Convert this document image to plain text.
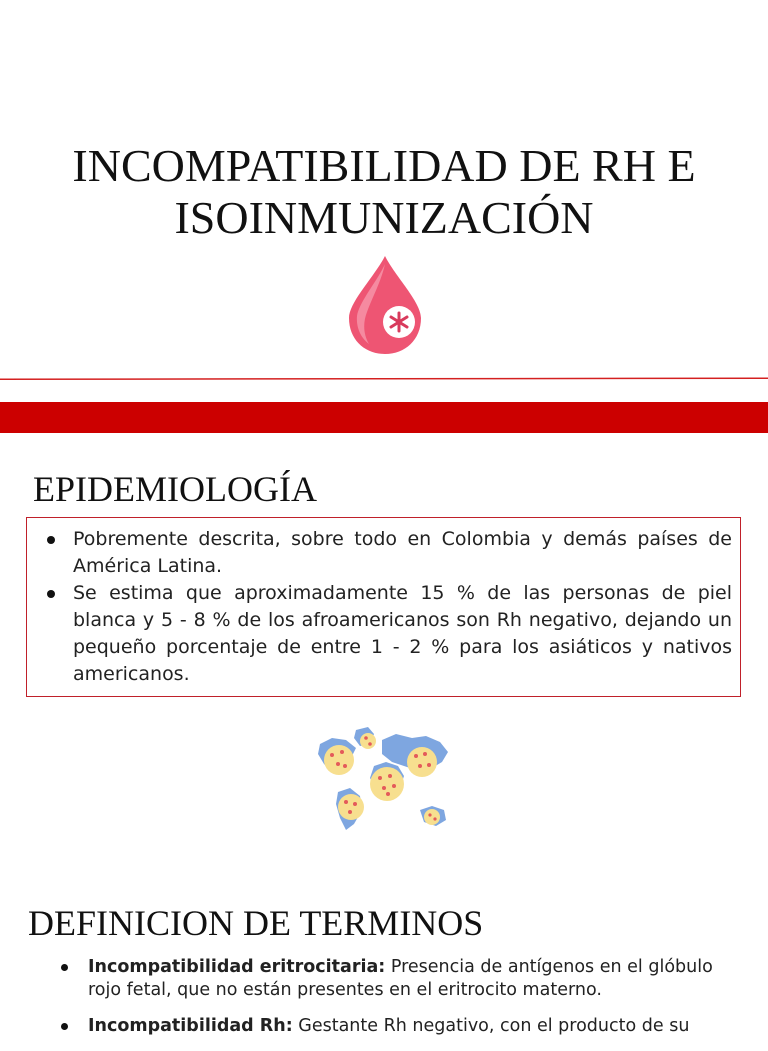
INCOMPATIBILIDAD DE RH E
ISOINMUNIZACIÓN
EPIDEMIOLOGÍA
Pobremente descrita, sobre todo en Colombia y demás países de América Latina.
Se estima que aproximadamente 15 % de las personas de piel blanca y 5 - 8 % de los afroamericanos son Rh negativo, dejando un pequeño porcentaje de entre 1 - 2 % para los asiáticos y nativos americanos.
DEFINICION DE TERMINOS
Incompatibilidad eritrocitaria: Presencia de antígenos en el glóbulo rojo fetal, que no están presentes en el eritrocito materno.
Incompatibilidad Rh: Gestante Rh negativo, con el producto de su
